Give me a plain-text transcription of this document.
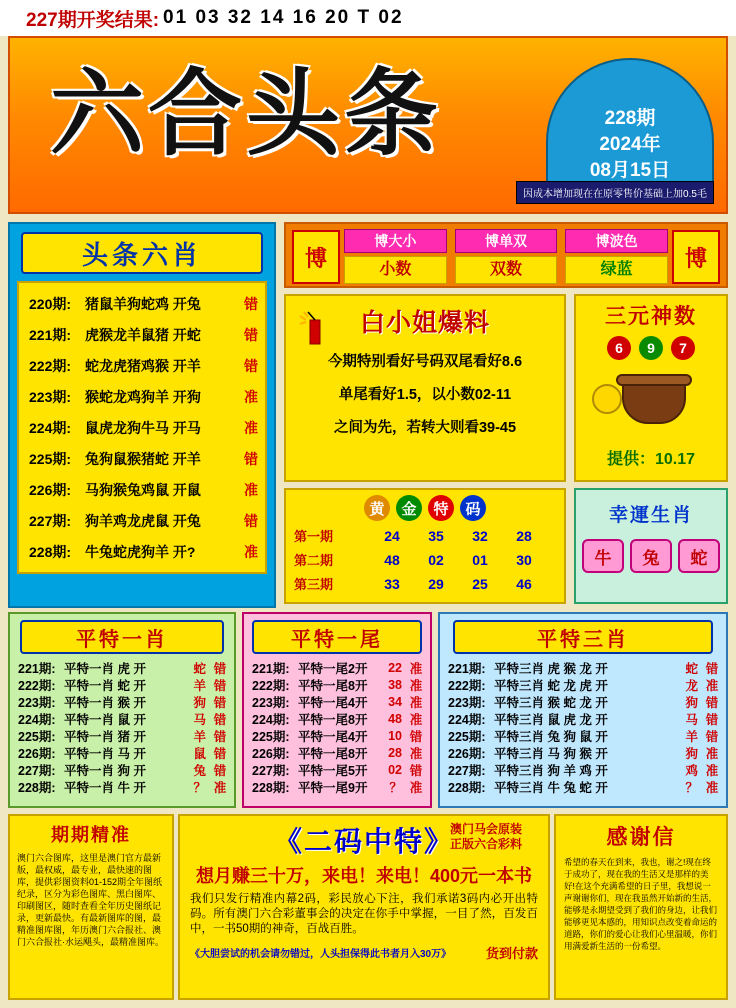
227期开奖结果: 01 03 32 14 16 20 T 02
六合头条	228期
2024年
08月15日
因成本增加现在在原零售价基础上加0.5毛
头条六肖
220期: 猪鼠羊狗蛇鸡 开兔	错
221期: 虎猴龙羊鼠猪 开蛇	错
222期: 蛇龙虎猪鸡猴 开羊	错
223期: 猴蛇龙鸡狗羊 开狗	准
224期: 鼠虎龙狗牛马 开马	准
225期: 兔狗鼠猴猪蛇 开羊	错
226期: 马狗猴兔鸡鼠 开鼠	准
227期: 狗羊鸡龙虎鼠 开兔	错
228期: 牛兔蛇虎狗羊 开?	准
博	博
博大小
小数
博单双
双数
博波色
绿蓝
白小姐爆料
今期特别看好号码双尾看好8.6
单尾看好1.5，以小数02-11
之间为先，若转大则看39-45
三元神数
6	9	7
提供：10.17
黄	金	特	码
第一期	24	35	32	28
第二期	48	02	01	30
第三期	33	29	25	46
幸運生肖
牛	兔	蛇
平特一肖
221期: 平特一肖 虎 开	蛇 错
222期: 平特一肖 蛇 开	羊 错
223期: 平特一肖 猴 开	狗 错
224期: 平特一肖 鼠 开	马 错
225期: 平特一肖 猪 开	羊 错
226期: 平特一肖 马 开	鼠 错
227期: 平特一肖 狗 开	兔 错
228期: 平特一肖 牛 开	？ 准
平特一尾
221期: 平特一尾2开	22 准
222期: 平特一尾8开	38 准
223期: 平特一尾4开	34 准
224期: 平特一尾8开	48 准
225期: 平特一尾4开	10 错
226期: 平特一尾8开	28 准
227期: 平特一尾5开	02 错
228期: 平特一尾9开	？ 准
平特三肖
221期: 平特三肖 虎 猴 龙 开	蛇 错
222期: 平特三肖 蛇 龙 虎 开	龙 准
223期: 平特三肖 猴 蛇 龙 开	狗 错
224期: 平特三肖 鼠 虎 龙 开	马 错
225期: 平特三肖 兔 狗 鼠 开	羊 错
226期: 平特三肖 马 狗 猴 开	狗 准
227期: 平特三肖 狗 羊 鸡 开	鸡 准
228期: 平特三肖 牛 兔 蛇 开	？ 准
期期精准
澳门六合图库，这里是澳门官方最新版，最权威，最专业，最快速的图库，提供彩图资料01-152期全年图纸纪录，区分为彩色图库、黑白图库、印刷图区，随时查看全年历史图纸记录，更新最快。有最新图库的图，最精准图库图，年历澳门六合报社、澳门六合报社·水运飓头，最精准图库。
澳门马会原装
正版六合彩料
《二码中特》
想月赚三十万，来电！来电！400元一本书
我们只发行精准内幕2码，彩民放心下注，我们承诺3码内必开出特码。所有澳门六合彩董事会的决定在你手中掌握，一目了然，百发百中，一书50期的神奇，百战百胜。
《大胆尝试的机会请勿错过，人头担保得此书者月入30万》	货到付款
感谢信
希望的春天在到来，我也，谢之!现在终于成功了，现在我的生活又是那样的美好!在这个充满希望的日子里，我想说一声谢谢你们，现在我虽然开始新的生活，能够是永期望受到了我们的身边，让我们能够更见本感的，用知识点改变着命运的道路，你们的爱心让我们心里温暖，你们用满爱新生活的一份希望。
